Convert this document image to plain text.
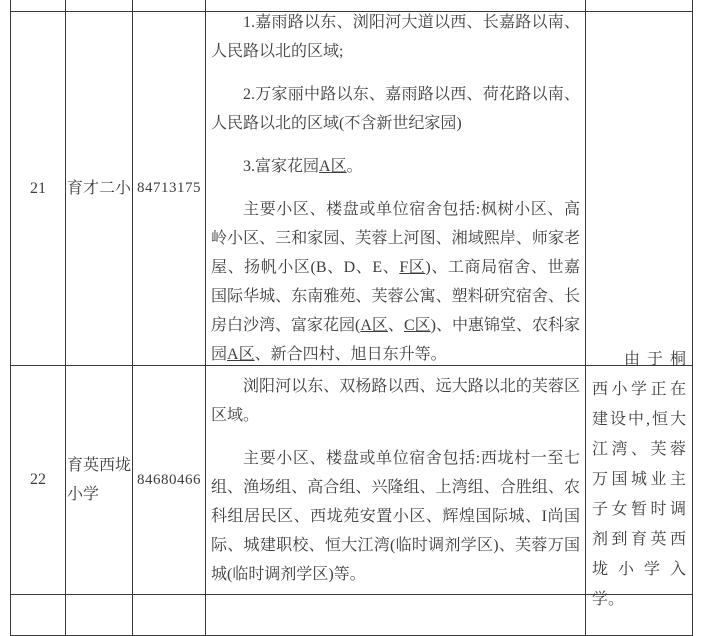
21 育才二小 84713175

1.嘉雨路以东、浏阳河大道以西、长嘉路以南、人民路以北的区域;

2.万家丽中路以东、嘉雨路以西、荷花路以南、人民路以北的区域(不含新世纪家园)

3.富家花园A区。

主要小区、楼盘或单位宿舍包括:枫树小区、高岭小区、三和家园、芙蓉上河图、湘域熙岸、师家老屋、扬帆小区(B、D、E、F区)、工商局宿舍、世嘉国际华城、东南雅苑、芙蓉公寓、塑料研究宿舍、长房白沙湾、富家花园(A区、C区)、中惠锦堂、农科家园A区、新合四村、旭日东升等。

22
育英西垅小学
84680466

浏阳河以东、双杨路以西、远大路以北的芙蓉区区域。

主要小区、楼盘或单位宿舍包括:西垅村一至七组、渔场组、高合组、兴隆组、上湾组、合胜组、农科组居民区、西垅苑安置小区、辉煌国际城、I尚国际、城建职校、恒大江湾(临时调剂学区)、芙蓉万国城(临时调剂学区)等。

由于桐西小学正在建设中,恒大江湾、芙蓉万国城业主子女暂时调剂到育英西垅小学入学。
